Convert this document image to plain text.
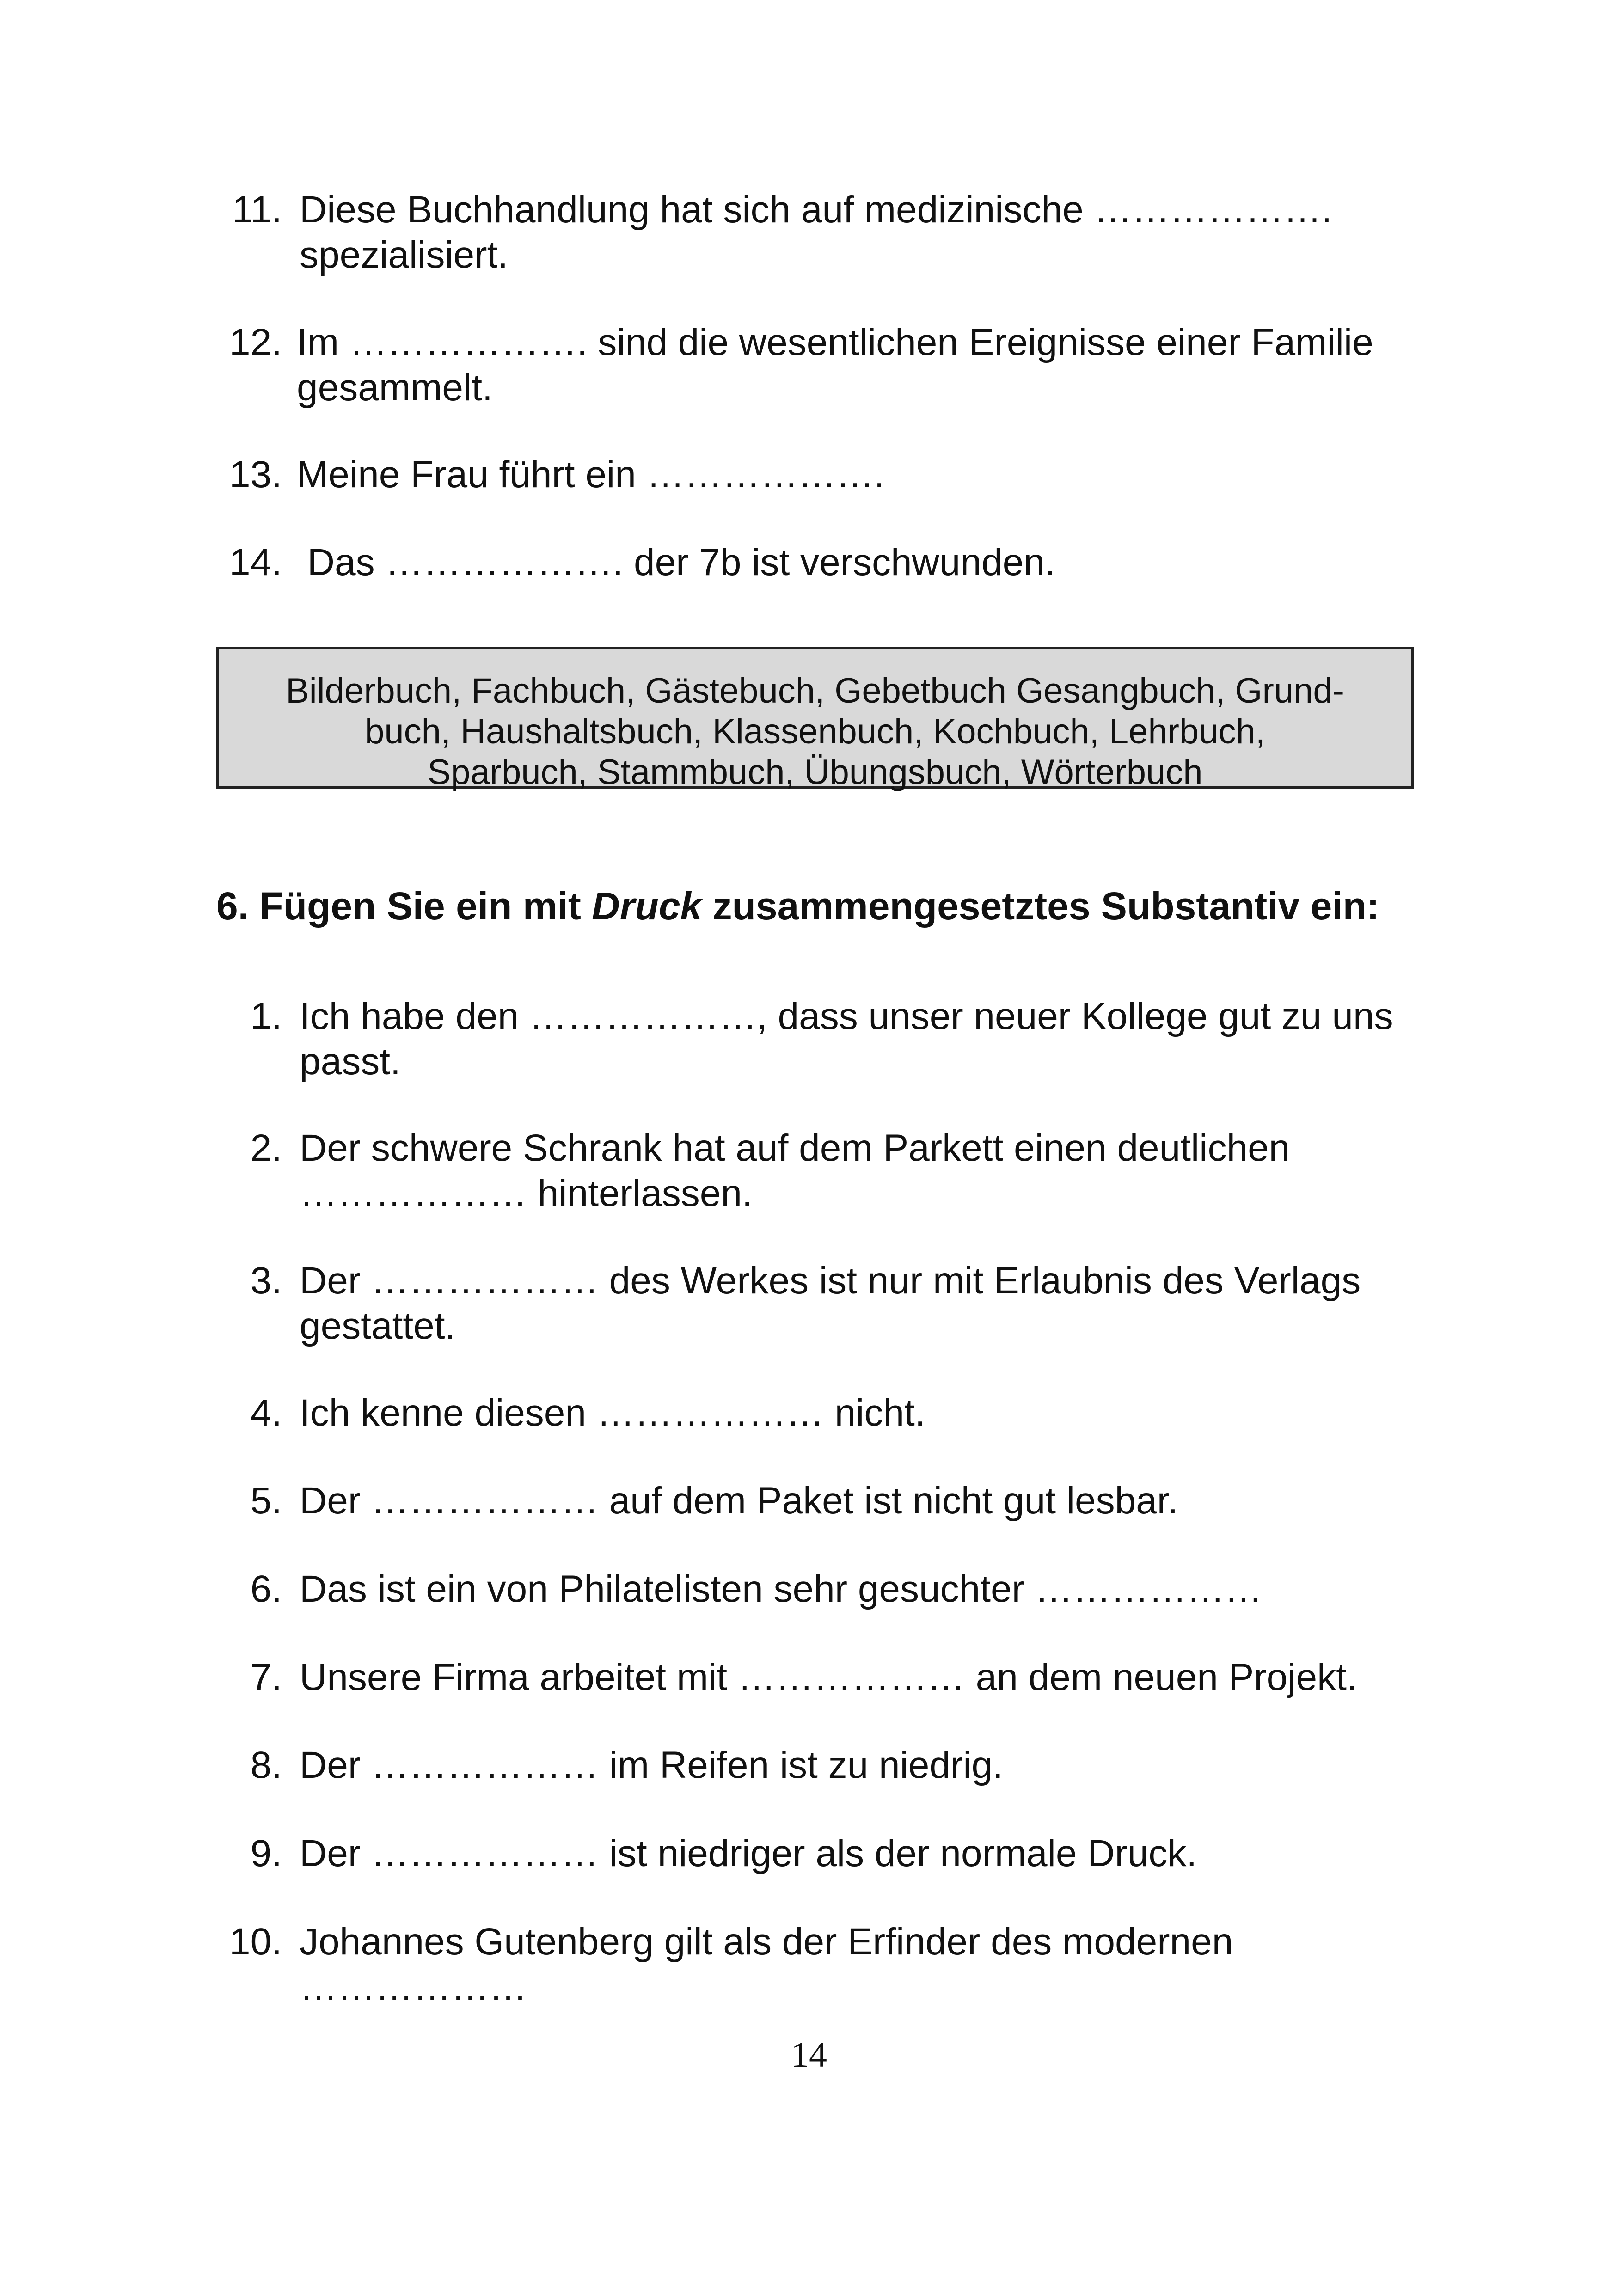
11. Diese Buchhandlung hat sich auf medizinische ………………. spezialisiert.
12. Im ………………. sind die wesentlichen Ereignisse einer Familie gesammelt.
13. Meine Frau führt ein ……………….
14. Das ………………. der 7b ist verschwunden.
Bilderbuch, Fachbuch, Gästebuch, Gebetbuch Gesangbuch, Grund-buch, Haushaltsbuch, Klassenbuch, Kochbuch, Lehrbuch, Sparbuch, Stammbuch, Übungsbuch, Wörterbuch
6. Fügen Sie ein mit Druck zusammengesetztes Substantiv ein:
1. Ich habe den ………………, dass unser neuer Kollege gut zu uns passt.
2. Der schwere Schrank hat auf dem Parkett einen deutlichen ……………… hinterlassen.
3. Der ……………… des Werkes ist nur mit Erlaubnis des Verlags gestattet.
4. Ich kenne diesen ……………… nicht.
5. Der ……………… auf dem Paket ist nicht gut lesbar.
6. Das ist ein von Philatelisten sehr gesuchter ………………
7. Unsere Firma arbeitet mit ……………… an dem neuen Projekt.
8. Der ……………… im Reifen ist zu niedrig.
9. Der ……………… ist niedriger als der normale Druck.
10. Johannes Gutenberg gilt als der Erfinder des modernen ………………
14
